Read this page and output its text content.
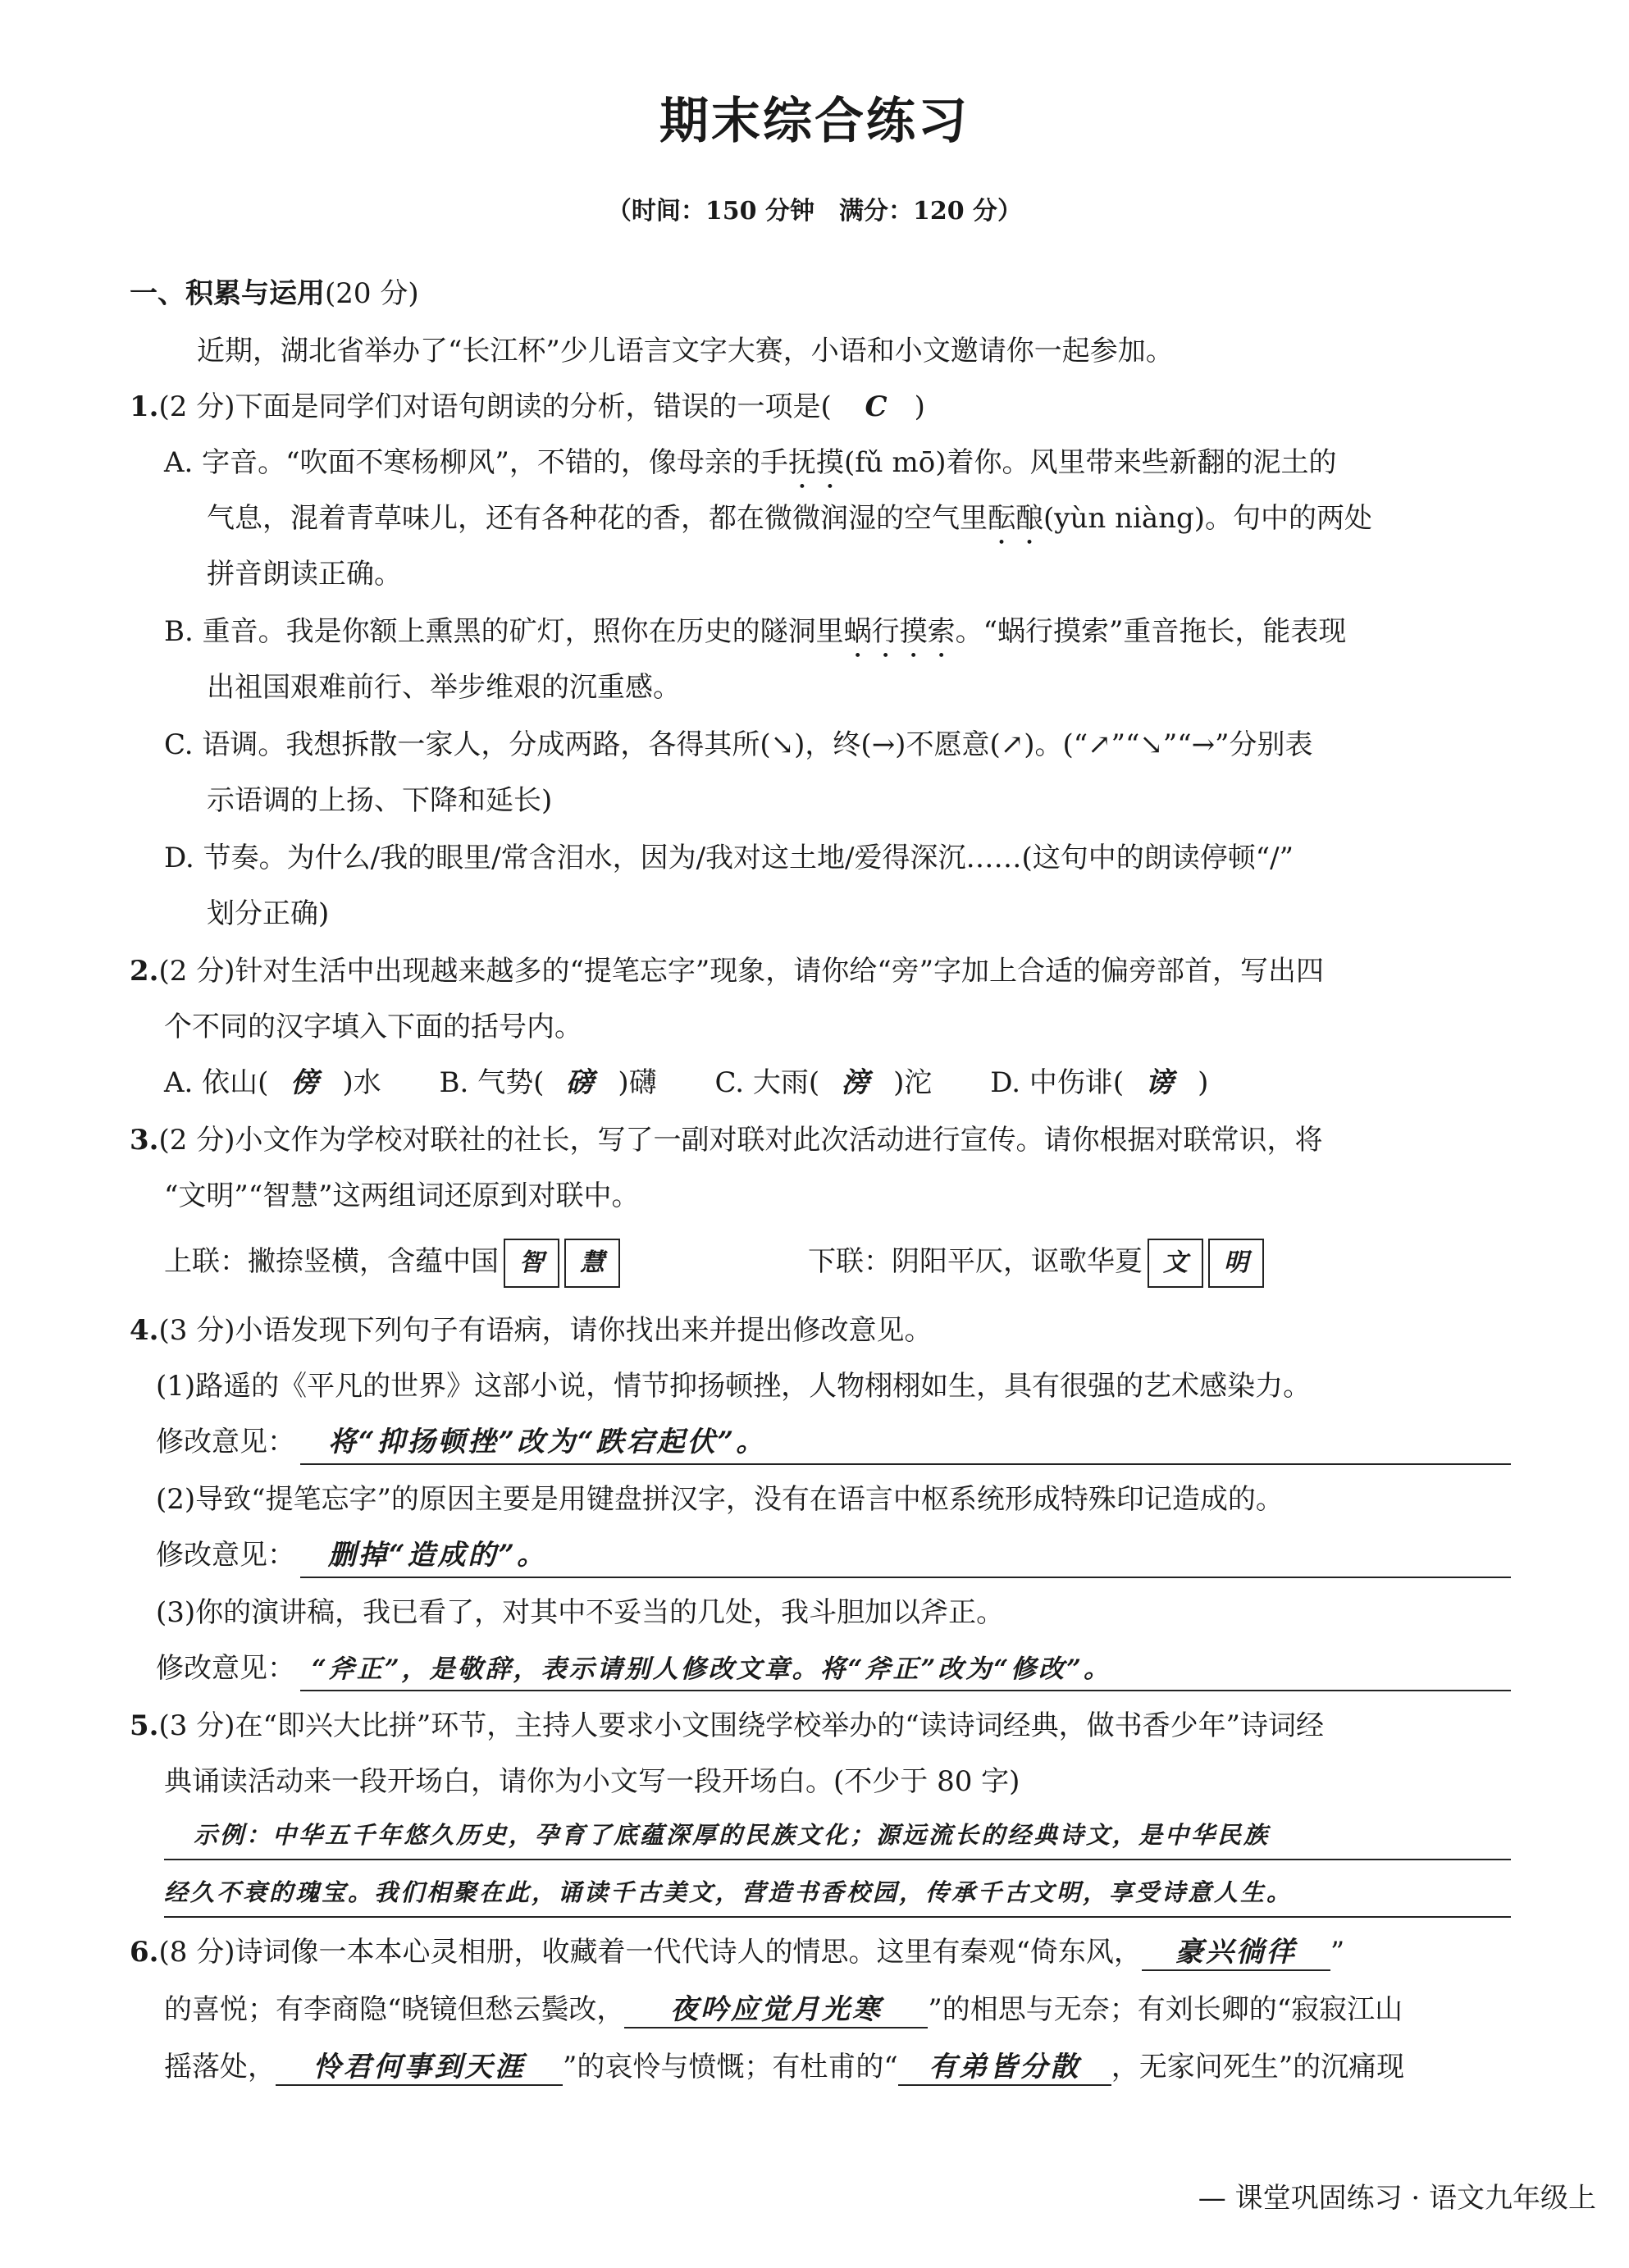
期末综合练习
（时间：150 分钟　满分：120 分）
一、积累与运用(20 分)
近期，湖北省举办了“长江杯”少儿语言文字大赛，小语和小文邀请你一起参加。
1.(2 分)下面是同学们对语句朗读的分析，错误的一项是( C )
A. 字音。“吹面不寒杨柳风”，不错的，像母亲的手抚摸(fǔ mō)着你。风里带来些新翻的泥土的
气息，混着青草味儿，还有各种花的香，都在微微润湿的空气里酝酿(yùn niàng)。句中的两处
拼音朗读正确。
B. 重音。我是你额上熏黑的矿灯，照你在历史的隧洞里蜗行摸索。“蜗行摸索”重音拖长，能表现
出祖国艰难前行、举步维艰的沉重感。
C. 语调。我想拆散一家人，分成两路，各得其所(↘)，终(→)不愿意(↗)。(“↗”“↘”“→”分别表
示语调的上扬、下降和延长)
D. 节奏。为什么/我的眼里/常含泪水，因为/我对这土地/爱得深沉……(这句中的朗读停顿“/”
划分正确)
2.(2 分)针对生活中出现越来越多的“提笔忘字”现象，请你给“旁”字加上合适的偏旁部首，写出四
个不同的汉字填入下面的括号内。
A. 依山( 傍 )水 B. 气势( 磅 )礴 C. 大雨( 滂 )沱 D. 中伤诽( 谤 )
3.(2 分)小文作为学校对联社的社长，写了一副对联对此次活动进行宣传。请你根据对联常识，将
“文明”“智慧”这两组词还原到对联中。
上联：撇捺竖横，含蕴中国 智	慧	下联：阴阳平仄，讴歌华夏 文	明
4.(3 分)小语发现下列句子有语病，请你找出来并提出修改意见。
(1)路遥的《平凡的世界》这部小说，情节抑扬顿挫，人物栩栩如生，具有很强的艺术感染力。
修改意见： 将“抑扬顿挫”改为“跌宕起伏”。
(2)导致“提笔忘字”的原因主要是用键盘拼汉字，没有在语言中枢系统形成特殊印记造成的。
修改意见： 删掉“造成的”。
(3)你的演讲稿，我已看了，对其中不妥当的几处，我斗胆加以斧正。
修改意见： “斧正”，是敬辞，表示请别人修改文章。将“斧正”改为“修改”。
5.(3 分)在“即兴大比拼”环节，主持人要求小文围绕学校举办的“读诗词经典，做书香少年”诗词经
典诵读活动来一段开场白，请你为小文写一段开场白。(不少于 80 字)
示例：中华五千年悠久历史，孕育了底蕴深厚的民族文化；源远流长的经典诗文，是中华民族
经久不衰的瑰宝。我们相聚在此，诵读千古美文，营造书香校园，传承千古文明，享受诗意人生。
6.(8 分)诗词像一本本心灵相册，收藏着一代代诗人的情思。这里有秦观“倚东风， 豪兴徜徉 ”
的喜悦；有李商隐“晓镜但愁云鬓改， 夜吟应觉月光寒 ”的相思与无奈；有刘长卿的“寂寂江山
摇落处， 怜君何事到天涯 ”的哀怜与愤慨；有杜甫的“ 有弟皆分散 ，无家问死生”的沉痛现
— 课堂巩固练习 · 语文九年级上
